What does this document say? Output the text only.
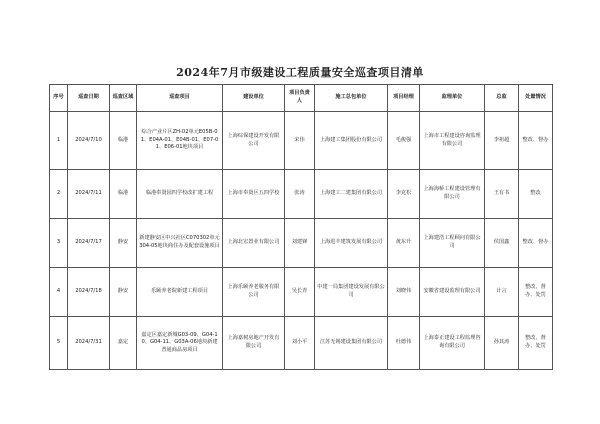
2024年7月市级建设工程质量安全巡查项目清单
序号	巡查日期	巡查区域	巡查项目	建设单位	项目负责人	施工总包单位	项目经理	监理单位	总监	处置情况
1	2024/7/10	临港	综合产业片区ZH-02单元E05B-01、E04A-01、E04B-01、E07-01、E06-01地块项目	上海综保建设开发有限公司	宋伟	上海建工集团股份有限公司	毛俊强	上海市工程建设咨询监理有限公司	李祖超	整改、督办
2	2024/7/11	临港	临港奉贤园四学校改扩建工程	上海市奉贤区五四学校	张涛	上海建工二建集团有限公司	李克松	上海海桥工程建设管理有限公司	王有书	整改
3	2024/7/17	静安	新建静安区中兴社区C070302单元304-05地块商住办及配套设施项目	上海北宏置业有限公司	刘建锋	上海进丰建筑发展有限公司	黄东升	上海建浩工程顾问有限公司	侯国鑫	整改、督办
4	2024/7/18	静安	乐颐养老院新建工程项目	上海乐颐养老服务有限公司	吴长青	中建一局集团建设发展有限公司	刘晓伟	安徽省建设监理有限公司	计言	整改、督办、处罚
5	2024/7/31	嘉定	嘉定区嘉定新城G03-09、G04-10、G04-11、G03A-06地块新建普通商品房项目	上海嘉树房地产开发有限公司	刘小平	江苏无锡建设集团有限公司	杜德伟	上海泰正建设工程监理咨询有限公司	孙其涛	整改、督办、处罚
